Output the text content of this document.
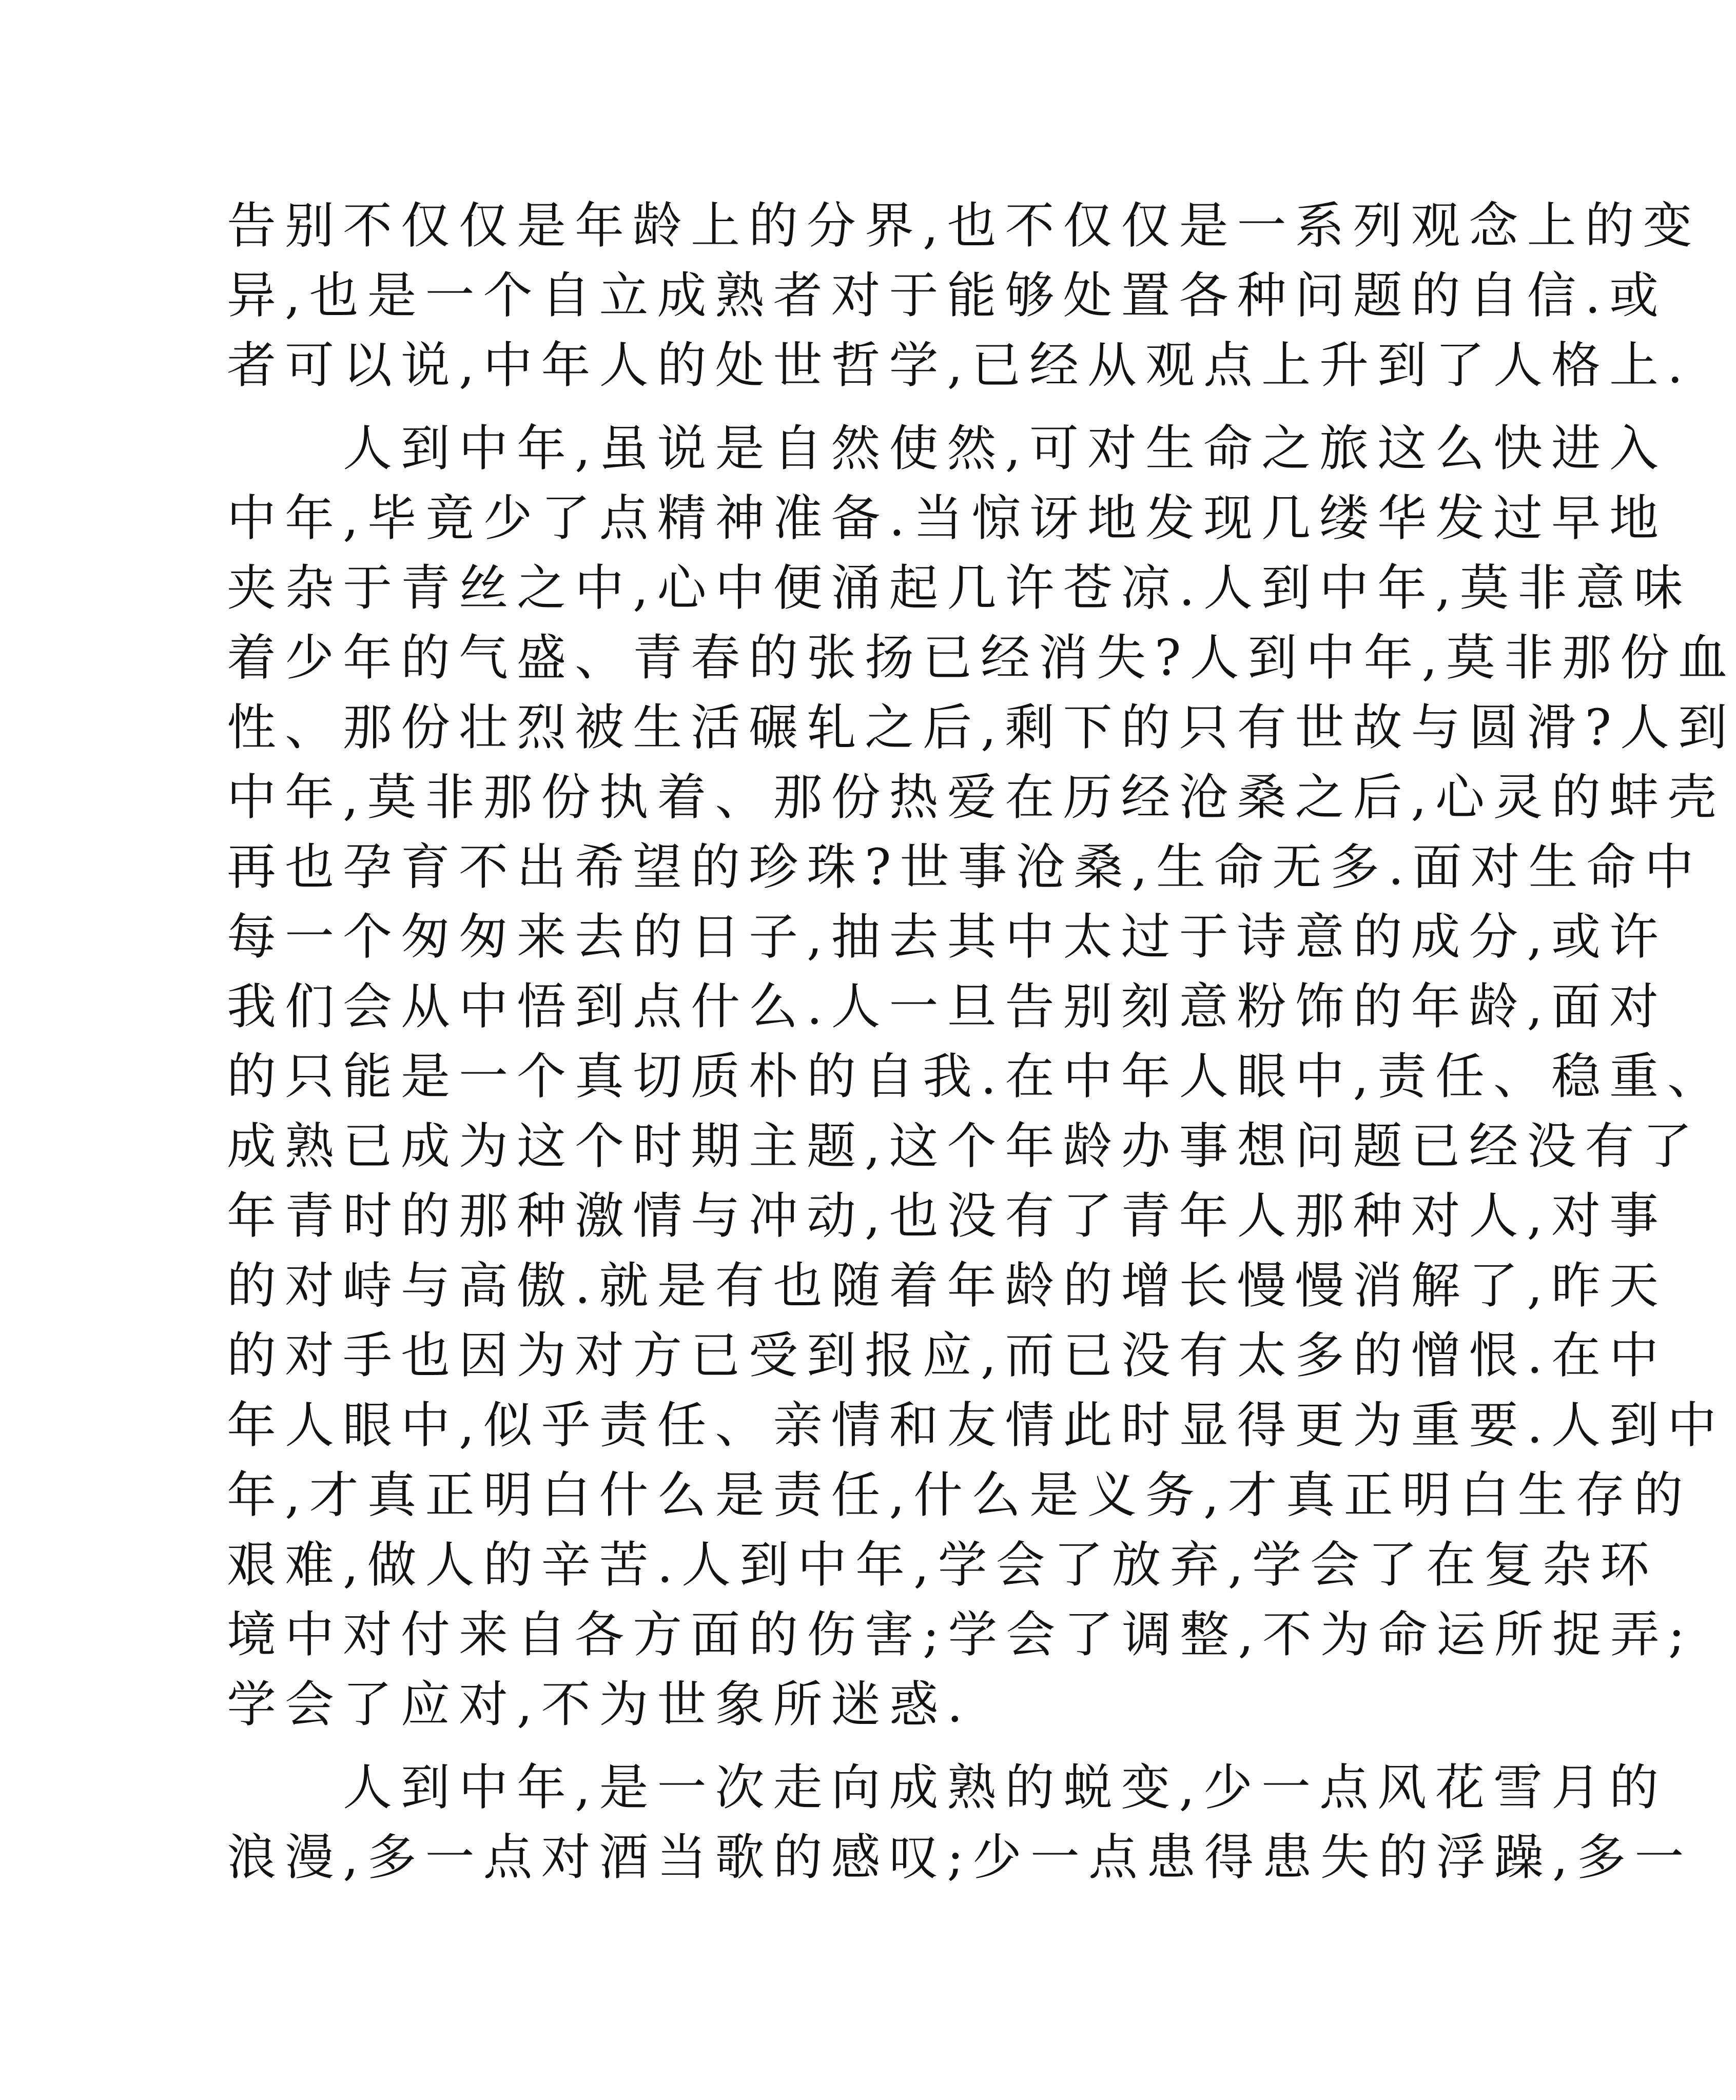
告别不仅仅是年龄上的分界,也不仅仅是一系列观念上的变
异,也是一个自立成熟者对于能够处置各种问题的自信.或
者可以说,中年人的处世哲学,已经从观点上升到了人格上.
　　人到中年,虽说是自然使然,可对生命之旅这么快进入
中年,毕竟少了点精神准备.当惊讶地发现几缕华发过早地
夹杂于青丝之中,心中便涌起几许苍凉.人到中年,莫非意味
着少年的气盛、青春的张扬已经消失?人到中年,莫非那份血
性、那份壮烈被生活碾轧之后,剩下的只有世故与圆滑?人到
中年,莫非那份执着、那份热爱在历经沧桑之后,心灵的蚌壳
再也孕育不出希望的珍珠?世事沧桑,生命无多.面对生命中
每一个匆匆来去的日子,抽去其中太过于诗意的成分,或许
我们会从中悟到点什么.人一旦告别刻意粉饰的年龄,面对
的只能是一个真切质朴的自我.在中年人眼中,责任、稳重、
成熟已成为这个时期主题,这个年龄办事想问题已经没有了
年青时的那种激情与冲动,也没有了青年人那种对人,对事
的对峙与高傲.就是有也随着年龄的增长慢慢消解了,昨天
的对手也因为对方已受到报应,而已没有太多的憎恨.在中
年人眼中,似乎责任、亲情和友情此时显得更为重要.人到中
年,才真正明白什么是责任,什么是义务,才真正明白生存的
艰难,做人的辛苦.人到中年,学会了放弃,学会了在复杂环
境中对付来自各方面的伤害;学会了调整,不为命运所捉弄;
学会了应对,不为世象所迷惑.
　　人到中年,是一次走向成熟的蜕变,少一点风花雪月的
浪漫,多一点对酒当歌的感叹;少一点患得患失的浮躁,多一
